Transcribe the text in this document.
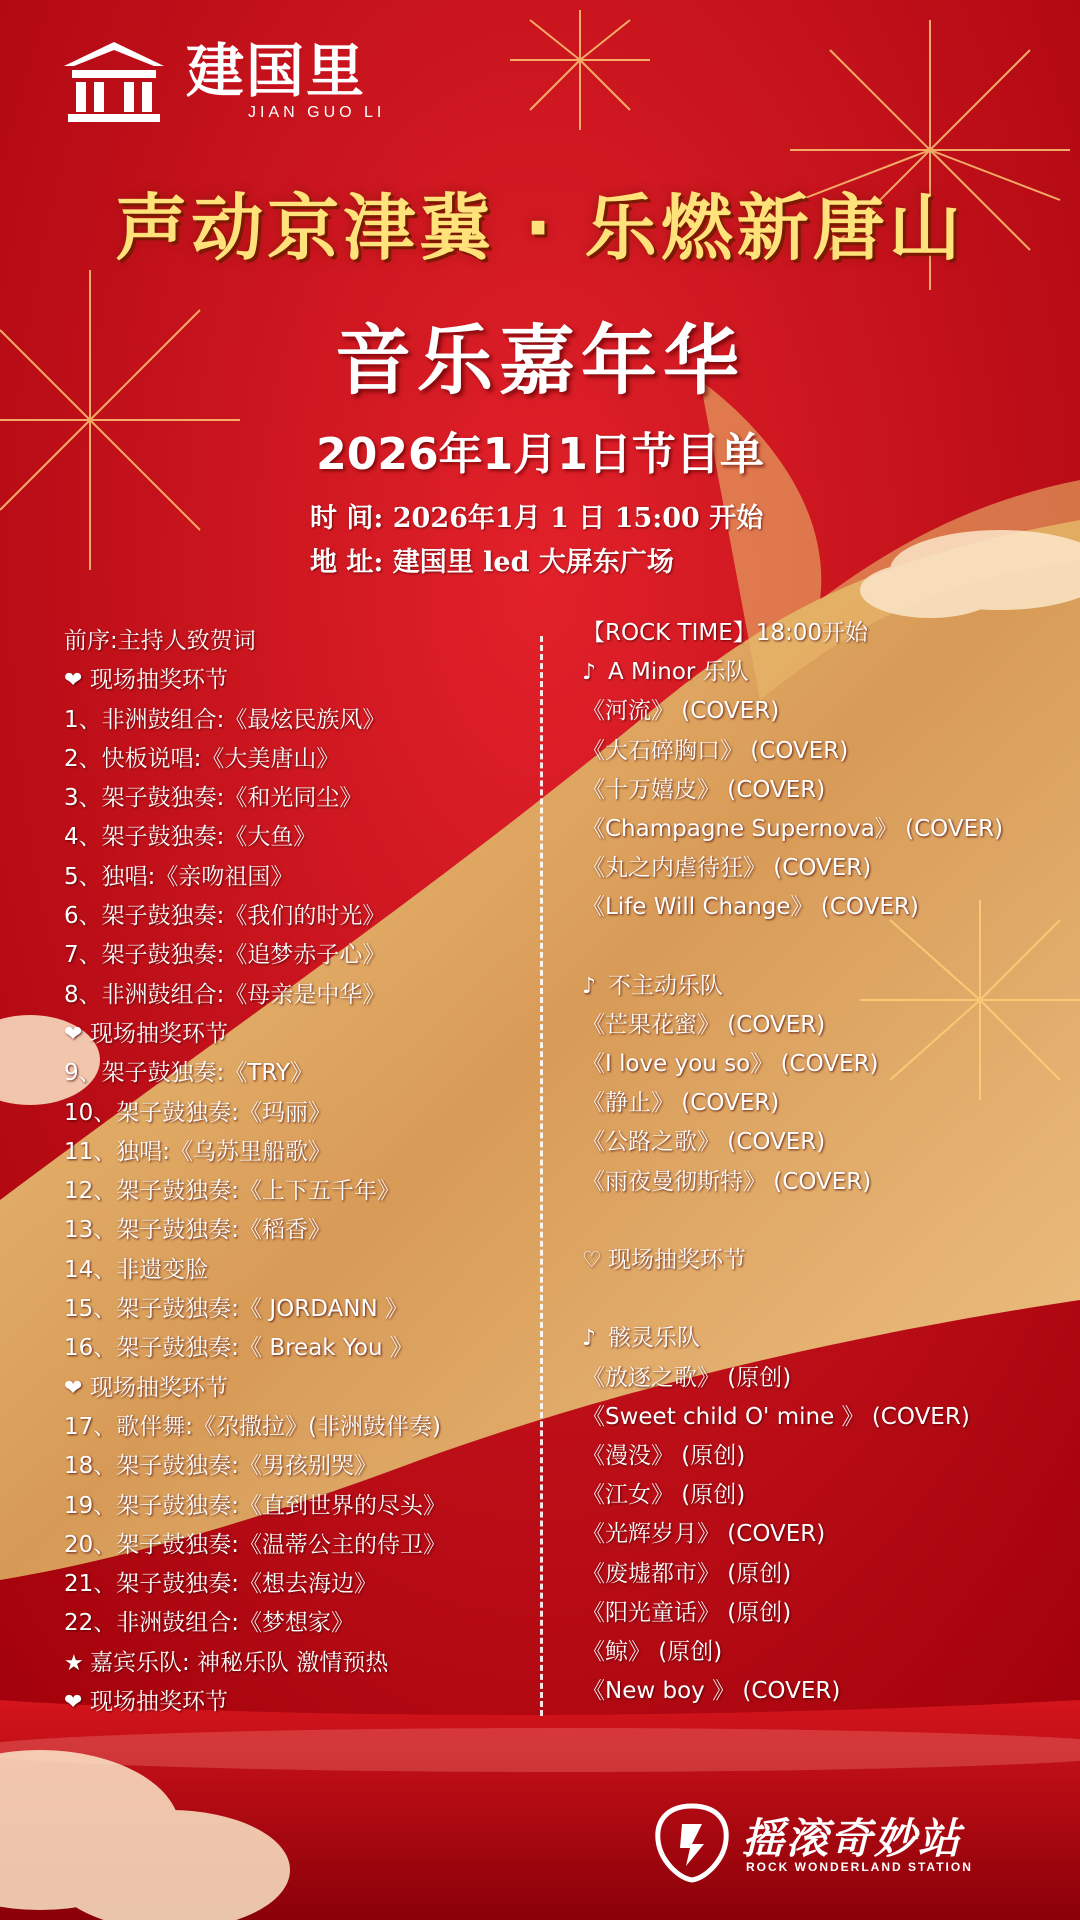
建国里
JIAN GUO LI
声动京津冀 · 乐燃新唐山
音乐嘉年华
2026年1月1日节目单
时 间: 2026年1月 1 日 15:00 开始
地 址: 建国里 led 大屏东广场
前序:主持人致贺词
❤ 现场抽奖环节
1、非洲鼓组合:《最炫民族风》
2、快板说唱:《大美唐山》
3、架子鼓独奏:《和光同尘》
4、架子鼓独奏:《大鱼》
5、独唱:《亲吻祖国》
6、架子鼓独奏:《我们的时光》
7、架子鼓独奏:《追梦赤子心》
8、非洲鼓组合:《母亲是中华》
❤ 现场抽奖环节
9、架子鼓独奏:《TRY》
10、架子鼓独奏:《玛丽》
11、独唱:《乌苏里船歌》
12、架子鼓独奏:《上下五千年》
13、架子鼓独奏:《稻香》
14、非遗变脸
15、架子鼓独奏:《 JORDANN 》
16、架子鼓独奏:《 Break You 》
❤ 现场抽奖环节
17、歌伴舞:《尕撒拉》(非洲鼓伴奏)
18、架子鼓独奏:《男孩别哭》
19、架子鼓独奏:《直到世界的尽头》
20、架子鼓独奏:《温蒂公主的侍卫》
21、架子鼓独奏:《想去海边》
22、非洲鼓组合:《梦想家》
★ 嘉宾乐队: 神秘乐队 激情预热
❤ 现场抽奖环节
【ROCK TIME】18:00开始
♪ A Minor 乐队
《河流》 (COVER)
《大石碎胸口》 (COVER)
《十万嬉皮》 (COVER)
《Champagne Supernova》 (COVER)
《丸之内虐待狂》 (COVER)
《Life Will Change》 (COVER)
♪ 不主动乐队
《芒果花蜜》 (COVER)
《I love you so》 (COVER)
《静止》 (COVER)
《公路之歌》 (COVER)
《雨夜曼彻斯特》 (COVER)
♡ 现场抽奖环节
♪ 骸灵乐队
《放逐之歌》 (原创)
《Sweet child O' mine 》 (COVER)
《漫没》 (原创)
《江女》 (原创)
《光辉岁月》 (COVER)
《废墟都市》 (原创)
《阳光童话》 (原创)
《鲸》 (原创)
《New boy 》 (COVER)
摇滚奇妙站
ROCK WONDERLAND STATION
